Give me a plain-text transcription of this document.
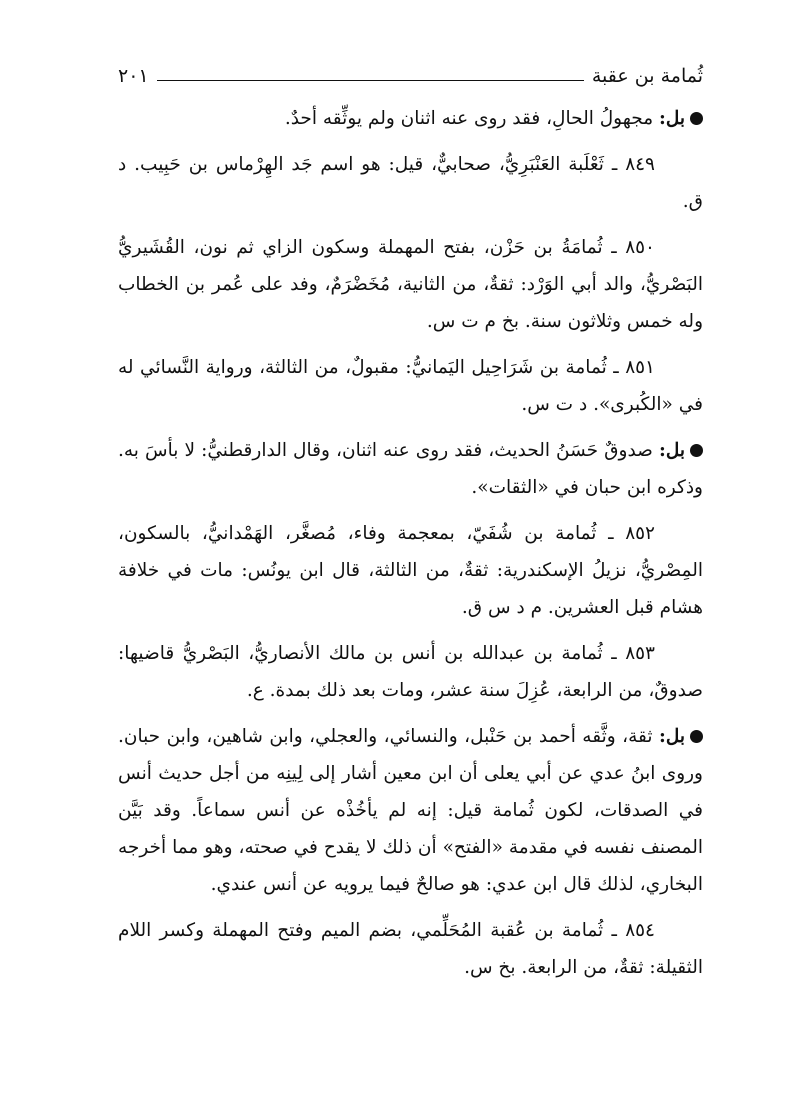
ثُمامة بن عقبة
٢٠١

بل: مجهولُ الحالِ، فقد روى عنه اثنان ولم يوثِّقه أحدٌ.

٨٤٩ ـ ثَعْلَبة العَنْبَرِيُّ، صحابيٌّ، قيل: هو اسم جَد الهِرْماس بن حَبِيب. د ق.

٨٥٠ ـ ثُمامَةُ بن حَزْن، بفتح المهملة وسكون الزاي ثم نون، القُشَيريُّ البَصْريُّ، والد أبي الوَرْد: ثقةٌ، من الثانية، مُخَضْرَمٌ، وفد على عُمر بن الخطاب وله خمس وثلاثون سنة. بخ م ت س.

٨٥١ ـ ثُمامة بن شَرَاحِيل اليَمانيُّ: مقبولٌ، من الثالثة، ورواية النَّسائي له في «الكُبرى». د ت س.

بل: صدوقٌ حَسَنُ الحديث، فقد روى عنه اثنان، وقال الدارقطنيُّ: لا بأسَ به. وذكره ابن حبان في «الثقات».

٨٥٢ ـ ثُمامة بن شُفَيّ، بمعجمة وفاء، مُصغَّر، الهَمْدانيُّ، بالسكون، المِصْريُّ، نزيلُ الإسكندرية: ثقةٌ، من الثالثة، قال ابن يونُس: مات في خلافة هشام قبل العشرين. م د س ق.

٨٥٣ ـ ثُمامة بن عبدالله بن أنس بن مالك الأنصاريُّ، البَصْريُّ قاضيها: صدوقٌ، من الرابعة، عُزِلَ سنة عشر، ومات بعد ذلك بمدة. ع.

بل: ثقة، وثَّقه أحمد بن حَنْبل، والنسائي، والعجلي، وابن شاهين، وابن حبان. وروى ابنُ عدي عن أبي يعلى أن ابن معين أشار إلى لِينِه من أجل حديث أنس في الصدقات، لكون ثُمامة قيل: إنه لم يأخُذْه عن أنس سماعاً. وقد بَيَّن المصنف نفسه في مقدمة «الفتح» أن ذلك لا يقدح في صحته، وهو مما أخرجه البخاري، لذلك قال ابن عدي: هو صالحٌ فيما يرويه عن أنس عندي.

٨٥٤ ـ ثُمامة بن عُقبة المُحَلِّمي، بضم الميم وفتح المهملة وكسر اللام الثقيلة: ثقةٌ، من الرابعة. بخ س.
